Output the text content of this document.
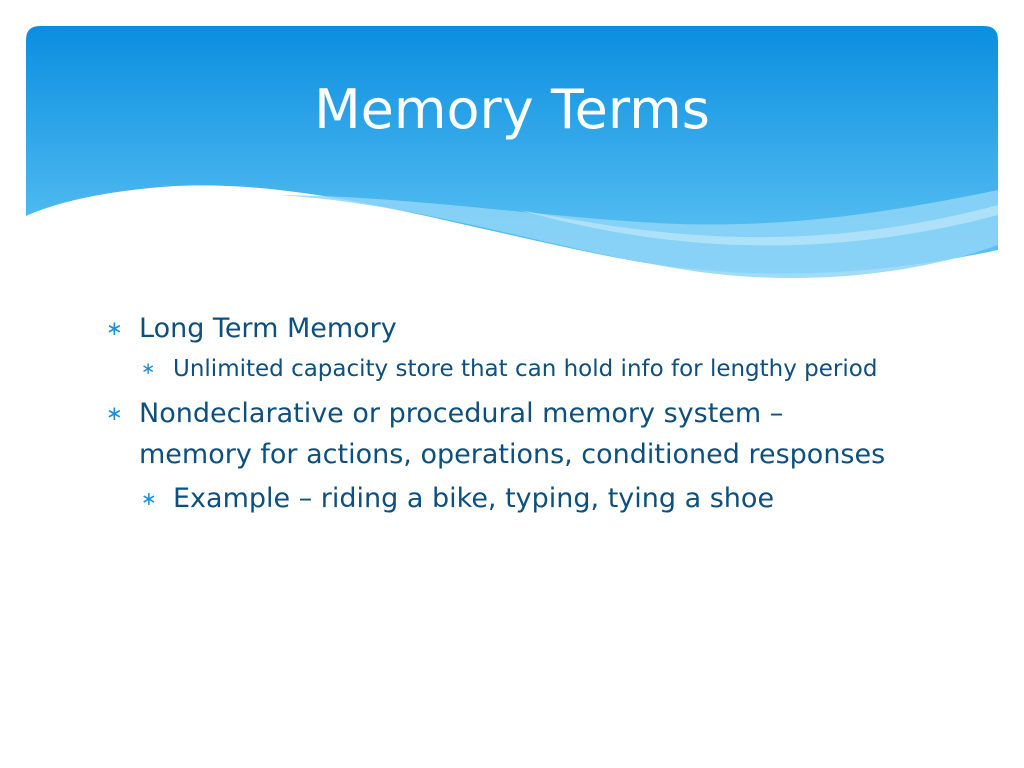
Memory Terms
∗ Long Term Memory
∗ Unlimited capacity store that can hold info for lengthy period
∗ Nondeclarative or procedural memory system – memory for actions, operations, conditioned responses
∗ Example – riding a bike, typing, tying a shoe
